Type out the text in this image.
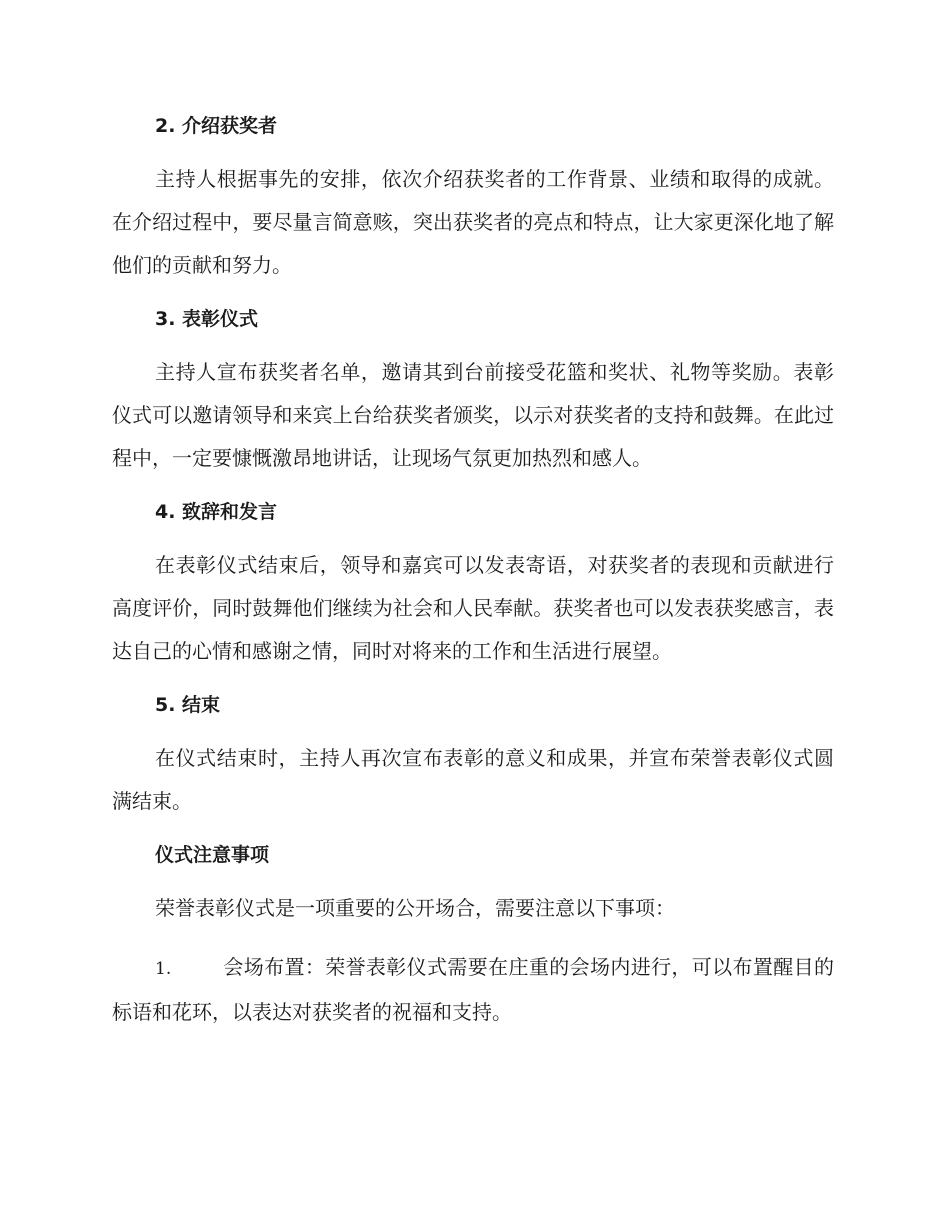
2. 介绍获奖者

主持人根据事先的安排，依次介绍获奖者的工作背景、业绩和取得的成就。在介绍过程中，要尽量言简意赅，突出获奖者的亮点和特点，让大家更深化地了解他们的贡献和努力。

3. 表彰仪式

主持人宣布获奖者名单，邀请其到台前接受花篮和奖状、礼物等奖励。表彰仪式可以邀请领导和来宾上台给获奖者颁奖，以示对获奖者的支持和鼓舞。在此过程中，一定要慷慨激昂地讲话，让现场气氛更加热烈和感人。

4. 致辞和发言

在表彰仪式结束后，领导和嘉宾可以发表寄语，对获奖者的表现和贡献进行高度评价，同时鼓舞他们继续为社会和人民奉献。获奖者也可以发表获奖感言，表达自己的心情和感谢之情，同时对将来的工作和生活进行展望。

5. 结束

在仪式结束时，主持人再次宣布表彰的意义和成果，并宣布荣誉表彰仪式圆满结束。

仪式注意事项

荣誉表彰仪式是一项重要的公开场合，需要注意以下事项：

1.	会场布置：荣誉表彰仪式需要在庄重的会场内进行，可以布置醒目的标语和花环，以表达对获奖者的祝福和支持。
